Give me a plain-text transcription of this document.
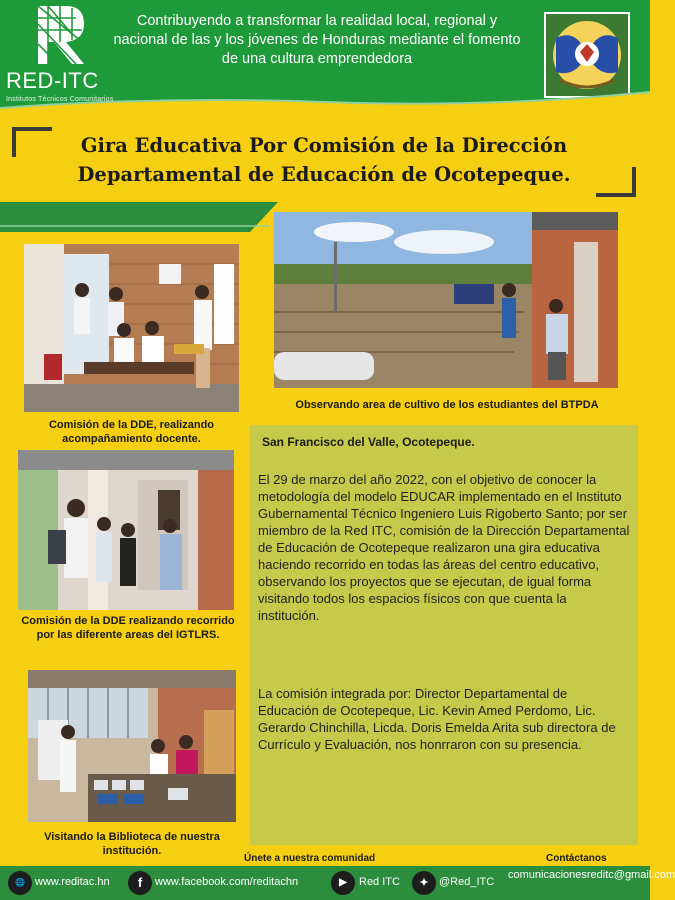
RED-ITC
Institutos Técnicos Comunitarios
Contribuyendo a transformar la realidad local, regional y nacional de las y los jóvenes de Honduras mediante el fomento de una cultura emprendedora
Gira Educativa Por Comisión de la Dirección Departamental de Educación de Ocotepeque.
Comisión de la DDE, realizando acompañamiento docente.
Observando area de cultivo de los estudiantes del BTPDA
Comisión de la DDE realizando recorrido por las diferente areas del IGTLRS.
Visitando la Biblioteca de nuestra institución.
San Francisco del Valle, Ocotepeque.
El 29 de marzo del año 2022, con el objetivo de conocer la metodología del modelo EDUCAR implementado en el Instituto Gubernamental Técnico Ingeniero Luis Rigoberto Santo; por ser miembro de la Red ITC, comisión de la Dirección Departamental de Educación de Ocotepeque realizaron una gira educativa haciendo recorrido en todas las áreas del centro educativo, observando los proyectos que se ejecutan, de igual forma visitando todos los espacios físicos con que cuenta la institución.
La comisión integrada por: Director Departamental de Educación de Ocotepeque, Lic. Kevin Amed Perdomo, Lic. Gerardo Chinchilla, Licda. Doris Emelda Arita sub directora de Currículo y Evaluación, nos honrraron con su presencia.
Únete a nuestra comunidad	Contáctanos
🌐 www.reditac.hn	f	www.facebook.com/reditachn	▶	Red ITC	✦ @Red_ITC
comunicacionesreditc@gmail.com
